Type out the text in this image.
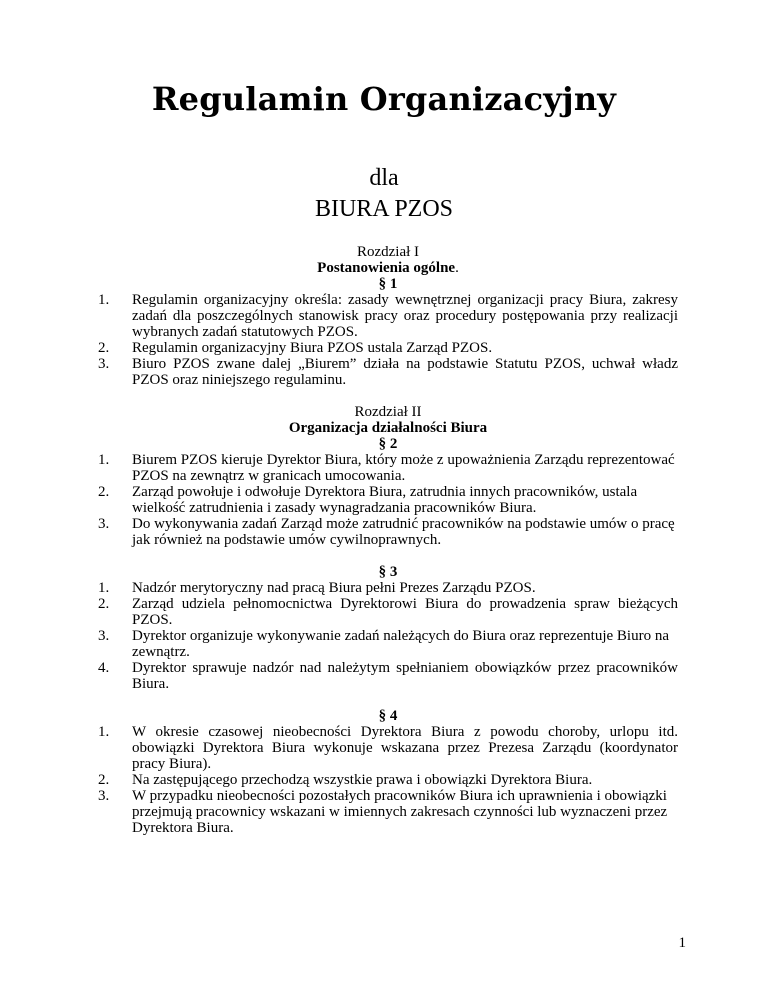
Regulamin Organizacyjny
dla
BIURA PZOS
Rozdział I
Postanowienia ogólne.
§ 1
1. Regulamin organizacyjny określa: zasady wewnętrznej organizacji pracy Biura, zakresy zadań dla poszczególnych stanowisk pracy oraz procedury postępowania przy realizacji wybranych zadań statutowych PZOS.
2. Regulamin organizacyjny Biura PZOS ustala Zarząd PZOS.
3. Biuro PZOS zwane dalej „Biurem” działa na podstawie Statutu PZOS, uchwał władz PZOS oraz niniejszego regulaminu.
Rozdział II
Organizacja działalności Biura
§ 2
1. Biurem PZOS kieruje Dyrektor Biura, który może z upoważnienia Zarządu reprezentować PZOS na zewnątrz w granicach umocowania.
2. Zarząd powołuje i odwołuje Dyrektora Biura, zatrudnia innych pracowników, ustala wielkość zatrudnienia i zasady wynagradzania pracowników Biura.
3. Do wykonywania zadań Zarząd może zatrudnić pracowników na podstawie umów o pracę jak również na podstawie umów cywilnoprawnych.
§ 3
1. Nadzór merytoryczny nad pracą Biura pełni Prezes Zarządu PZOS.
2. Zarząd udziela pełnomocnictwa Dyrektorowi Biura do prowadzenia spraw bieżących PZOS.
3. Dyrektor organizuje wykonywanie zadań należących do Biura oraz reprezentuje Biuro na zewnątrz.
4. Dyrektor sprawuje nadzór nad należytym spełnianiem obowiązków przez pracowników Biura.
§ 4
1. W okresie czasowej nieobecności Dyrektora Biura z powodu choroby, urlopu itd. obowiązki Dyrektora Biura wykonuje wskazana przez Prezesa Zarządu (koordynator pracy Biura).
2. Na zastępującego przechodzą wszystkie prawa i obowiązki Dyrektora Biura.
3. W przypadku nieobecności pozostałych pracowników Biura ich uprawnienia i obowiązki przejmują pracownicy wskazani w imiennych zakresach czynności lub wyznaczeni przez Dyrektora Biura.
1
